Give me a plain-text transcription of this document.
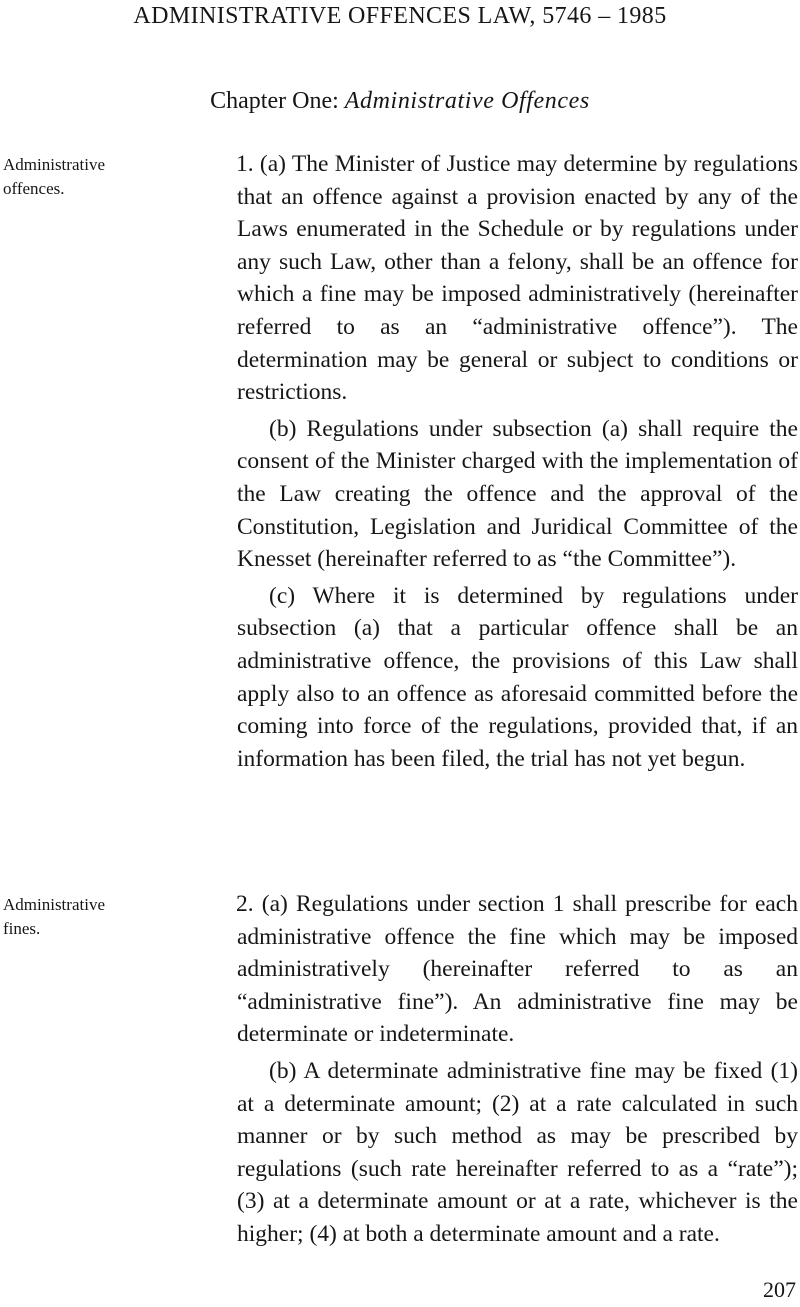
ADMINISTRATIVE OFFENCES LAW, 5746 – 1985
Chapter One: Administrative Offences
Administrative
offences.

1. (a) The Minister of Justice may determine by regulations that an offence against a provision enacted by any of the Laws enumerated in the Schedule or by regulations under any such Law, other than a felony, shall be an offence for which a fine may be imposed administratively (hereinafter referred to as an “administrative offence”). The determination may be general or subject to conditions or restrictions.

(b) Regulations under subsection (a) shall require the consent of the Minister charged with the implementation of the Law creating the offence and the approval of the Constitution, Legislation and Juridical Committee of the Knesset (hereinafter referred to as “the Committee”).

(c) Where it is determined by regulations under subsection (a) that a particular offence shall be an administrative offence, the provisions of this Law shall apply also to an offence as aforesaid committed before the coming into force of the regulations, provided that, if an information has been filed, the trial has not yet begun.

Administrative
fines.

2. (a) Regulations under section 1 shall prescribe for each administrative offence the fine which may be imposed administratively (hereinafter referred to as an “administrative fine”). An administrative fine may be determinate or indeterminate.

(b) A determinate administrative fine may be fixed (1) at a determinate amount; (2) at a rate calculated in such manner or by such method as may be prescribed by regulations (such rate hereinafter referred to as a “rate”); (3) at a determinate amount or at a rate, whichever is the higher; (4) at both a determinate amount and a rate.

207
